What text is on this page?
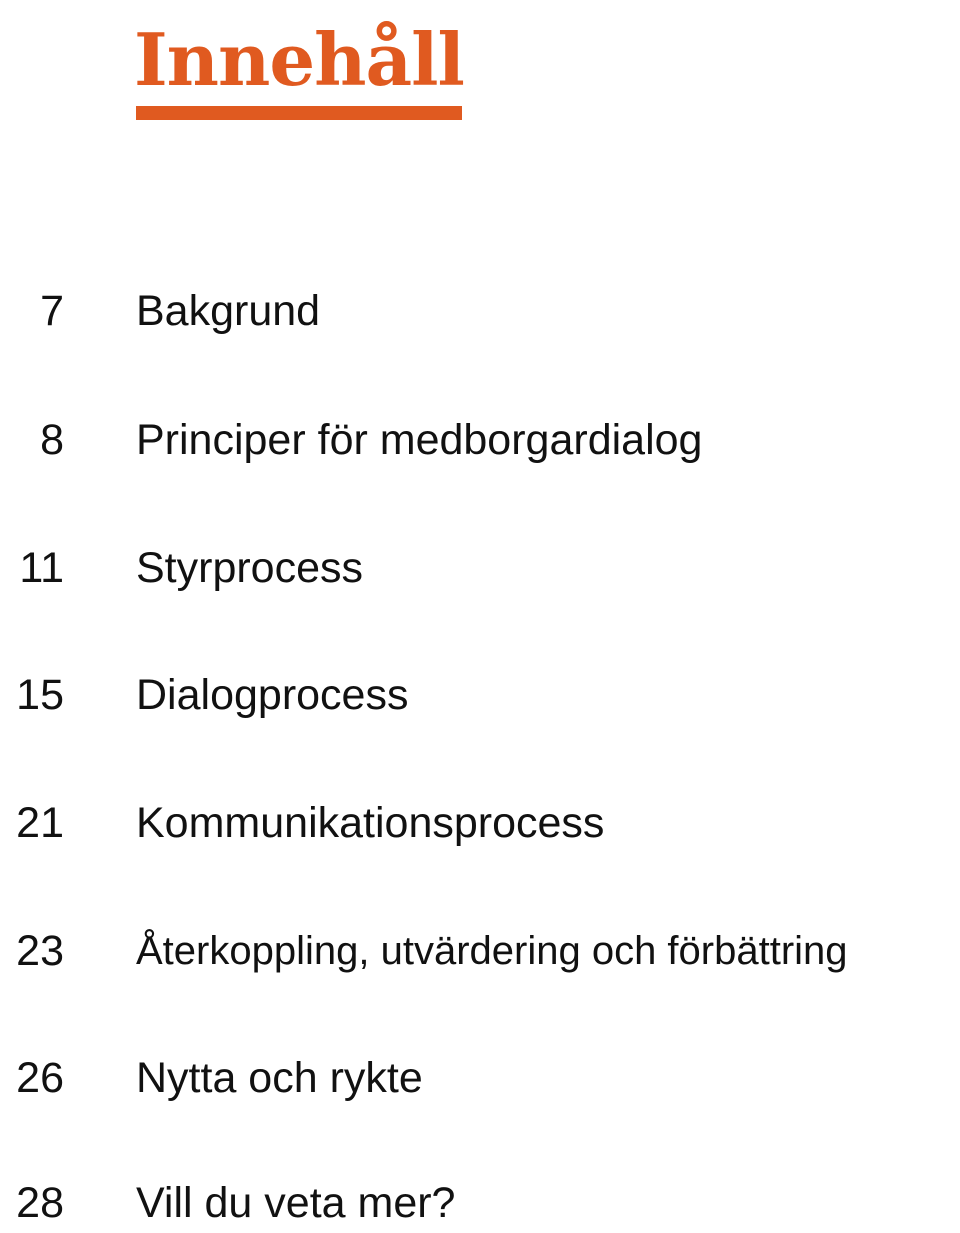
Innehåll
7 Bakgrund
8 Principer för medborgardialog
11 Styrprocess
15 Dialogprocess
21 Kommunikationsprocess
23 Återkoppling, utvärdering och förbättring
26 Nytta och rykte
28 Vill du veta mer?
